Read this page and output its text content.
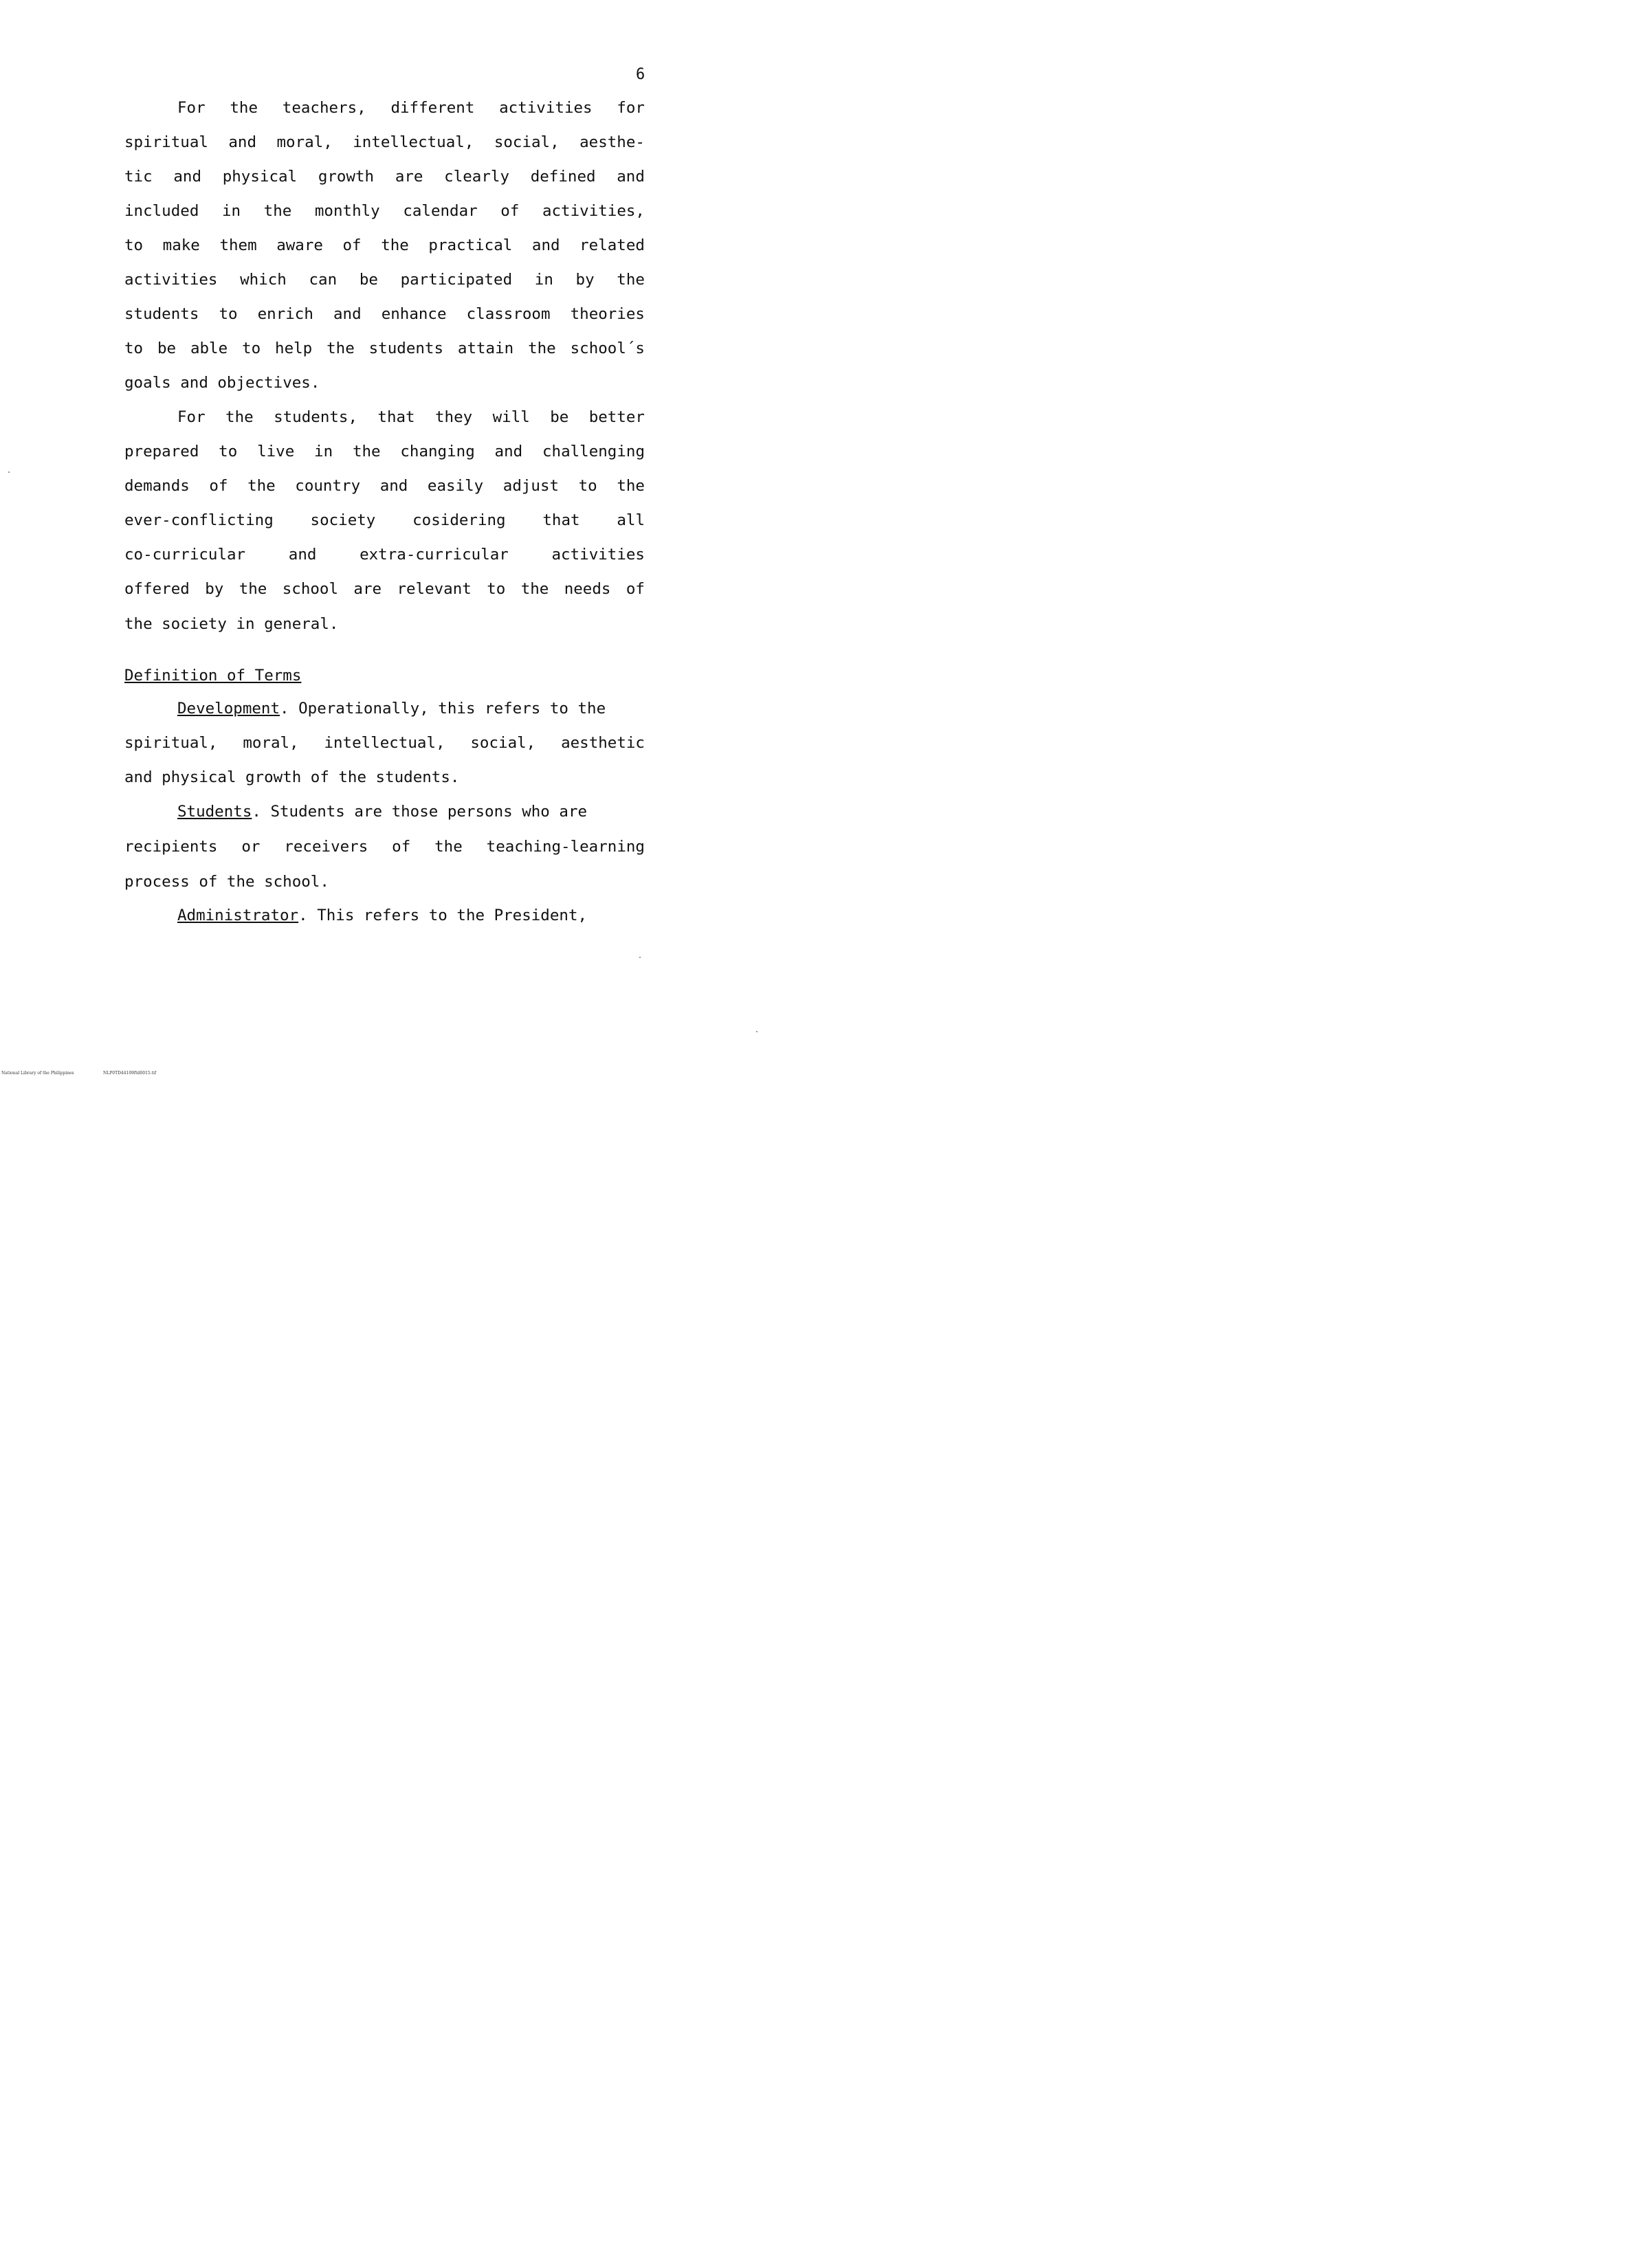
6
For the teachers, different activities for
spiritual and moral, intellectual, social, aesthe-
tic and physical growth are clearly defined and
included in the monthly calendar of activities,
to make them aware of the practical and related
activities which can be participated in by the
students to enrich and enhance classroom theories
to be able to help the students attain the school´s
goals and objectives.
For the students, that they will be better
prepared to live in the changing and challenging
demands of the country and easily adjust to the
ever-conflicting society cosidering that all
co-curricular	and	extra-curricular	activities
offered by the school are relevant to the needs of
the society in general.
Definition of Terms
Development. Operationally, this refers to the
spiritual, moral, intellectual, social, aesthetic
and physical growth of the students.
Students. Students are those persons who are
recipients or receivers of the teaching-learning
process of the school.
Administrator. This refers to the President,
National Library of the Philippines	NLP0TD44109ftd0015.tif
